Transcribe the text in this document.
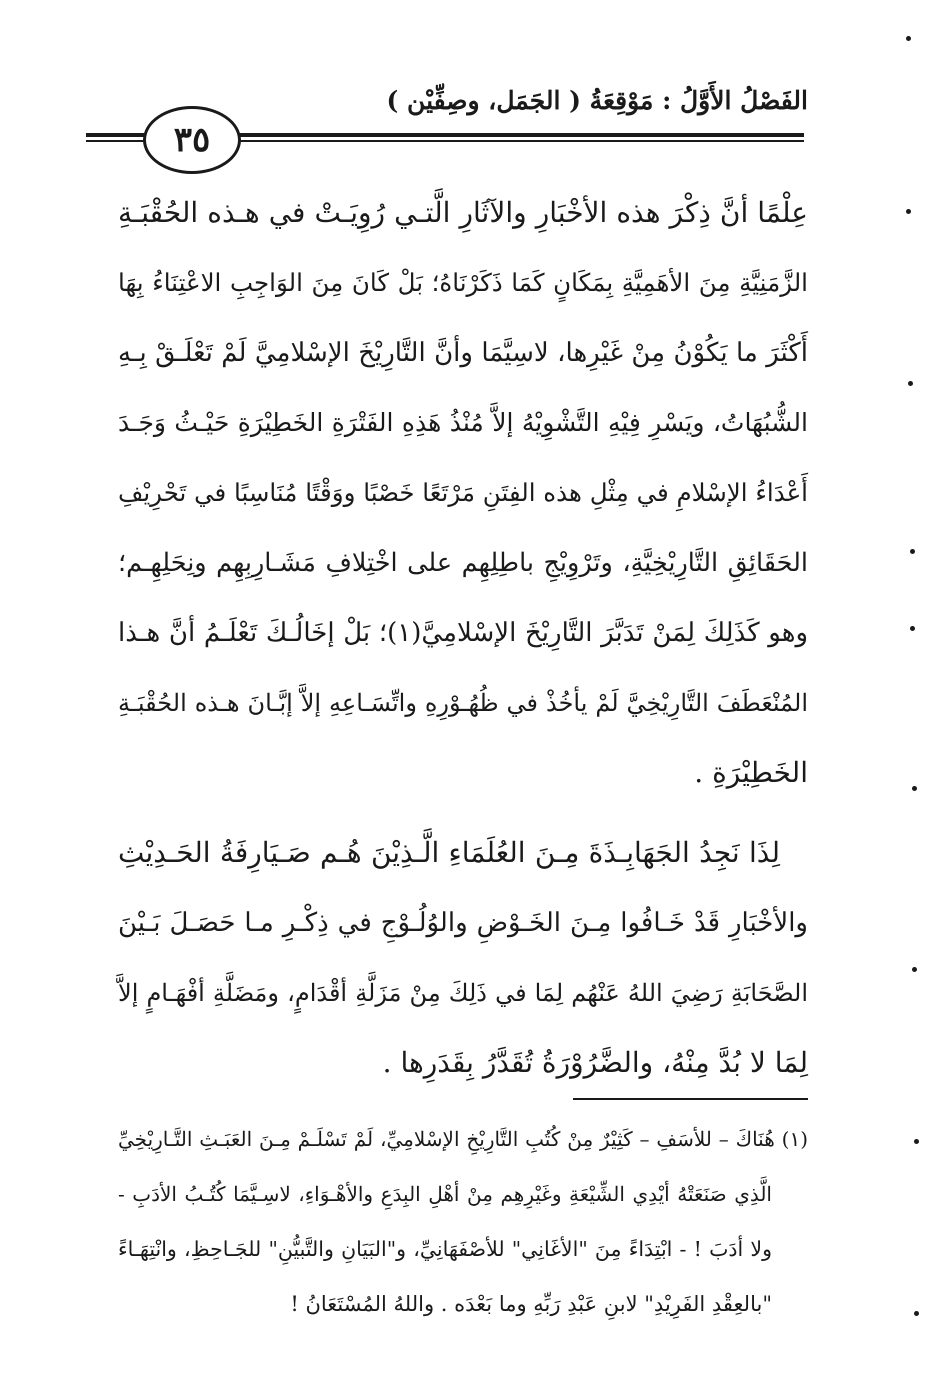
الفَصْلُ الأَوَّلُ : مَوْقِعَةُ ( الجَمَل، وصِفِّيْن )
٣٥

عِلْمًا أنَّ ذِكْرَ هذه الأخْبَارِ والآثَارِ الَّتـي رُوِيَـتْ في هـذه الحُقْبَـةِ
الزَّمَنِيَّةِ مِنَ الأهَمِيَّةِ بِمَكَانٍ كَمَا ذَكَرْنَاهُ؛ بَلْ كَانَ مِنَ الوَاجِبِ الاعْتِنَاءُ بِهَا
أَكْثَرَ ما يَكُوْنُ مِنْ غَيْرِها، لاسِيَّمَا وأنَّ التَّارِيْخَ الإسْلامِيَّ لَمْ تَعْلَـقْ بِـهِ
الشُّبُهَاتُ، ويَسْرِ فِيْهِ التَّشْوِيْهُ إلاَّ مُنْذُ هَذِهِ الفَتْرَةِ الخَطِيْرَةِ حَيْـثُ وَجَـدَ
أَعْدَاءُ الإسْلامِ في مِثْلِ هذه الفِتَنِ مَرْتَعًا خَصْبًا ووَقْتًا مُنَاسِبًا في تَحْرِيْفِ
الحَقَائِقِ التَّارِيْخِيَّةِ، وتَرْوِيْجِ باطِلِهِم على اخْتِلافِ مَشَـارِبِهِم ونِحَلِهِـم؛
وهو كَذَلِكَ لِمَنْ تَدَبَّرَ التَّارِيْخَ الإسْلامِيَّ(١)؛ بَلْ إخَالُـكَ تَعْلَـمُ أنَّ هـذا
المُنْعَطَفَ التَّارِيْخِيَّ لَمْ يأخُذْ في ظُهُـوْرِهِ واتِّسَـاعِهِ إلاَّ إبَّـانَ هـذه الحُقْبَـةِ
الخَطِيْرَةِ .

لِذَا نَجِدُ الجَهَابِـذَةَ مِـنَ العُلَمَاءِ الَّـذِيْنَ هُـم صَـيَارِفَةُ الحَـدِيْثِ
والأخْبَارِ قَدْ خَـافُوا مِـنَ الخَـوْضِ والوُلُـوْجِ في ذِكْـرِ مـا حَصَـلَ بَـيْنَ
الصَّحَابَةِ رَضِيَ اللهُ عَنْهُم لِمَا في ذَلِكَ مِنْ مَزَلَّةِ أقْدَامٍ، ومَضَلَّةِ أفْهَـامٍ إلاَّ
لِمَا لا بُدَّ مِنْهُ، والضَّرُوْرَةُ تُقَدَّرُ بِقَدَرِها .

(١) هُنَاكَ – للأسَفِ – كَثِيْرٌ مِنْ كُتُبِ التَّارِيْخِ الإسْلامِيِّ، لَمْ تَسْلَـمْ مِـنَ العَبَـثِ التَّـارِيْخِيِّ
الَّذِي صَنَعَتْهُ أيْدِي الشِّيْعَةِ وغَيْرِهِم مِنْ أهْلِ البِدَعِ والأهْـوَاءِ، لاسِـيَّمَا كُتُـبُ الأدَبِ -
ولا أدَبَ ! - ابْتِدَاءً مِنَ "الأغَانِي" للأصْفَهَانِيِّ، و"البَيَانِ والتَّبيُّنِ" للجَـاحِظِ، وانْتِهَـاءً
"بالعِقْدِ الفَرِيْدِ" لابنِ عَبْدِ رَبِّهِ وما بَعْدَه . واللهُ المُسْتَعَانُ !
